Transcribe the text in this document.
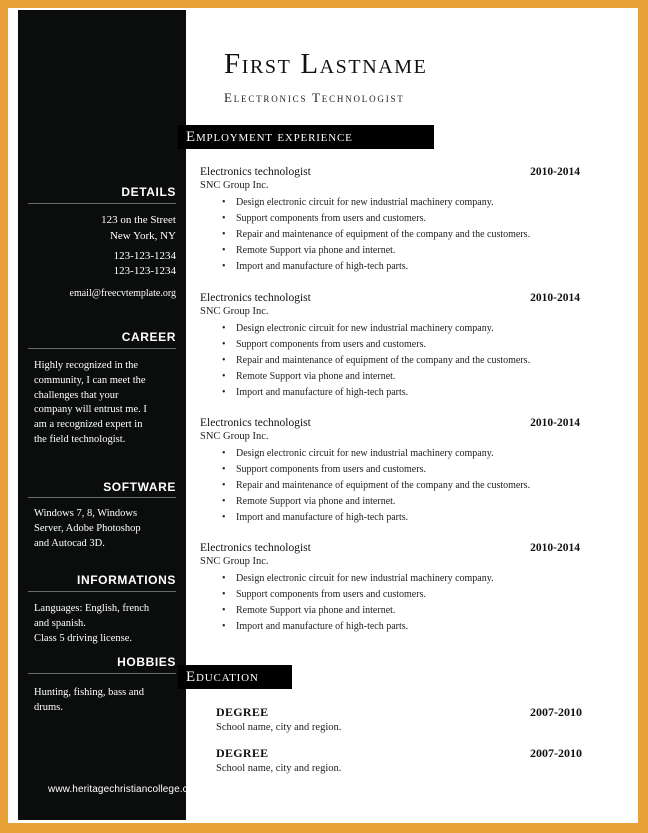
DETAILS
123 on the Street
New York, NY
123-123-1234
123-123-1234
email@freecvtemplate.org
CAREER
Highly recognized in the
community, I can meet the
challenges that your
company will entrust me. I
am a recognized expert in
the field technologist.
SOFTWARE
Windows 7, 8, Windows
Server, Adobe Photoshop
and Autocad 3D.
INFORMATIONS
Languages: English, french
and spanish.
Class 5 driving license.
HOBBIES
Hunting, fishing, bass and
drums.
www.heritagechristiancollege.com
First Lastname
Electronics Technologist
Employment experience
Electronics technologist	2010-2014
SNC Group Inc.
• Design electronic circuit for new industrial machinery company.
• Support components from users and customers.
• Repair and maintenance of equipment of the company and the customers.
• Remote Support via phone and internet.
• Import and manufacture of high-tech parts.
Electronics technologist	2010-2014
SNC Group Inc.
• Design electronic circuit for new industrial machinery company.
• Support components from users and customers.
• Repair and maintenance of equipment of the company and the customers.
• Remote Support via phone and internet.
• Import and manufacture of high-tech parts.
Electronics technologist	2010-2014
SNC Group Inc.
• Design electronic circuit for new industrial machinery company.
• Support components from users and customers.
• Repair and maintenance of equipment of the company and the customers.
• Remote Support via phone and internet.
• Import and manufacture of high-tech parts.
Electronics technologist	2010-2014
SNC Group Inc.
• Design electronic circuit for new industrial machinery company.
• Support components from users and customers.
• Remote Support via phone and internet.
• Import and manufacture of high-tech parts.
Education
DEGREE	2007-2010
School name, city and region.
DEGREE	2007-2010
School name, city and region.
